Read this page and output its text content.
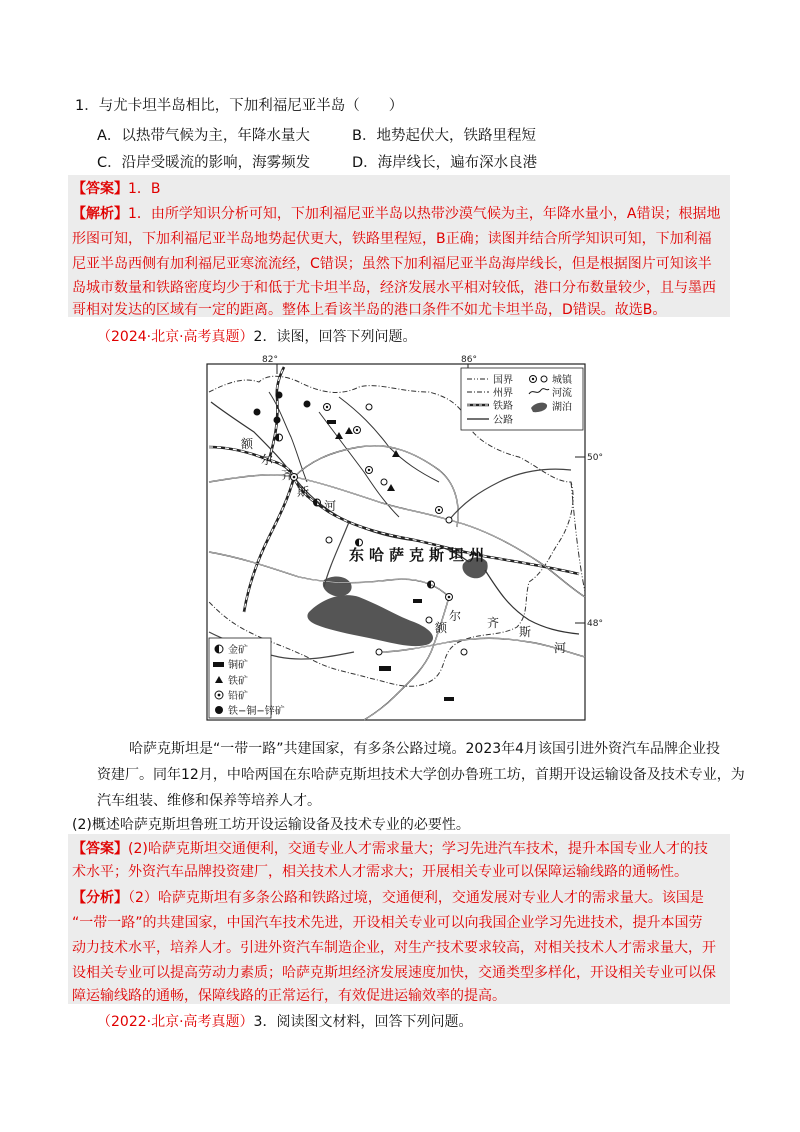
1．与尤卡坦半岛相比，下加利福尼亚半岛（　　）
A．以热带气候为主，年降水量大	B．地势起伏大，铁路里程短
C．沿岸受暖流的影响，海雾频发	D．海岸线长，遍布深水良港
【答案】1．B
【解析】1．由所学知识分析可知，下加利福尼亚半岛以热带沙漠气候为主，年降水量小，A错误；根据地
形图可知，下加利福尼亚半岛地势起伏更大，铁路里程短，B正确；读图并结合所学知识可知，下加利福
尼亚半岛西侧有加利福尼亚寒流流经，C错误；虽然下加利福尼亚半岛海岸线长，但是根据图片可知该半
岛城市数量和铁路密度均少于和低于尤卡坦半岛，经济发展水平相对较低，港口分布数量较少，且与墨西
哥相对发达的区域有一定的距离。整体上看该半岛的港口条件不如尤卡坦半岛，D错误。故选B。
（2024·北京·高考真题）2．读图，回答下列问题。
82°	86°
50°
48°
额
尔
齐
斯
河
东哈萨克斯坦州
额
尔 齐
斯
河
国界
州界
铁路
公路
城镇
河流
湖泊
金矿
铜矿
铁矿
铅矿
铁−铜−锌矿
哈萨克斯坦是“一带一路”共建国家，有多条公路过境。2023年4月该国引进外资汽车品牌企业投
资建厂。同年12月，中哈两国在东哈萨克斯坦技术大学创办鲁班工坊，首期开设运输设备及技术专业，为
汽车组装、维修和保养等培养人才。
(2)概述哈萨克斯坦鲁班工坊开设运输设备及技术专业的必要性。
【答案】(2)哈萨克斯坦交通便利，交通专业人才需求量大；学习先进汽车技术，提升本国专业人才的技
术水平；外资汽车品牌投资建厂，相关技术人才需求大；开展相关专业可以保障运输线路的通畅性。
【分析】（2）哈萨克斯坦有多条公路和铁路过境，交通便利，交通发展对专业人才的需求量大。该国是
“一带一路”的共建国家，中国汽车技术先进，开设相关专业可以向我国企业学习先进技术，提升本国劳
动力技术水平，培养人才。引进外资汽车制造企业，对生产技术要求较高，对相关技术人才需求量大，开
设相关专业可以提高劳动力素质；哈萨克斯坦经济发展速度加快，交通类型多样化，开设相关专业可以保
障运输线路的通畅，保障线路的正常运行，有效促进运输效率的提高。
（2022·北京·高考真题）3．阅读图文材料，回答下列问题。
